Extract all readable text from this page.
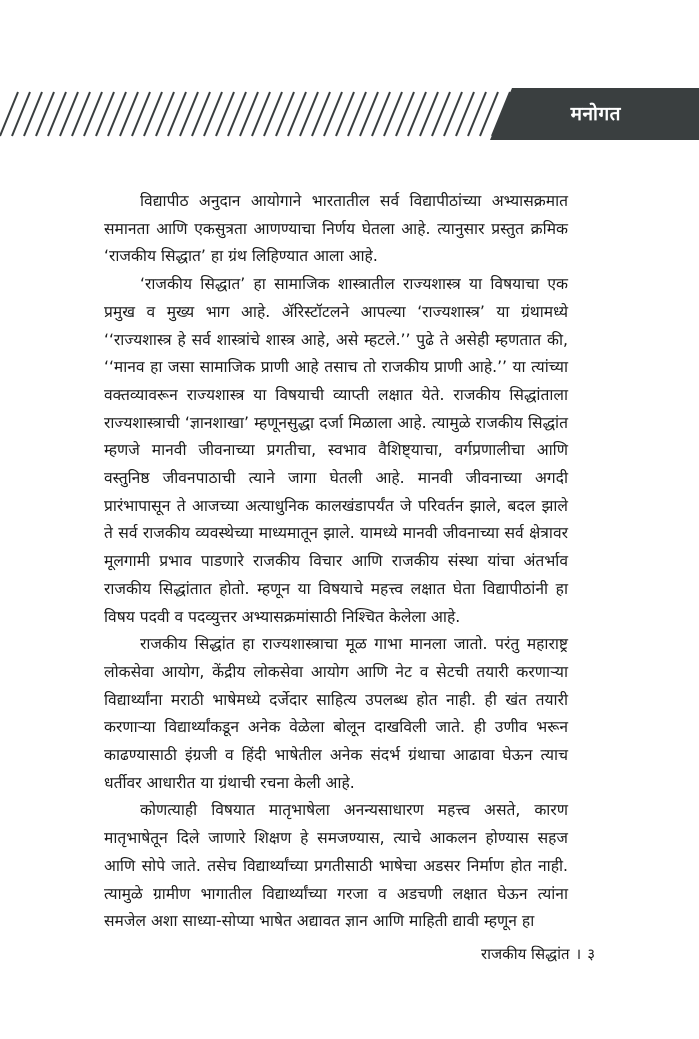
मनोगत

विद्यापीठ अनुदान आयोगाने भारतातील सर्व विद्यापीठांच्या अभ्यासक्रमात समानता आणि एकसुत्रता आणण्याचा निर्णय घेतला आहे. त्यानुसार प्रस्तुत क्रमिक ‘राजकीय सिद्धात’ हा ग्रंथ लिहिण्यात आला आहे.

‘राजकीय सिद्धात’ हा सामाजिक शास्त्रातील राज्यशास्त्र या विषयाचा एक प्रमुख व मुख्य भाग आहे. ॲरिस्टॉटलने आपल्या ‘राज्यशास्त्र’ या ग्रंथामध्ये ‘‘राज्यशास्त्र हे सर्व शास्त्रांचे शास्त्र आहे, असे म्हटले.’’ पुढे ते असेही म्हणतात की, ‘‘मानव हा जसा सामाजिक प्राणी आहे तसाच तो राजकीय प्राणी आहे.’’ या त्यांच्या वक्तव्यावरून राज्यशास्त्र या विषयाची व्याप्ती लक्षात येते. राजकीय सिद्धांताला राज्यशास्त्राची ‘ज्ञानशाखा’ म्हणूनसुद्धा दर्जा मिळाला आहे. त्यामुळे राजकीय सिद्धांत म्हणजे मानवी जीवनाच्या प्रगतीचा, स्वभाव वैशिष्ट्याचा, वर्गप्रणालीचा आणि वस्तुनिष्ठ जीवनपाठाची त्याने जागा घेतली आहे. मानवी जीवनाच्या अगदी प्रारंभापासून ते आजच्या अत्याधुनिक कालखंडापर्यंत जे परिवर्तन झाले, बदल झाले ते सर्व राजकीय व्यवस्थेच्या माध्यमातून झाले. यामध्ये मानवी जीवनाच्या सर्व क्षेत्रावर मूलगामी प्रभाव पाडणारे राजकीय विचार आणि राजकीय संस्था यांचा अंतर्भाव राजकीय सिद्धांतात होतो. म्हणून या विषयाचे महत्त्व लक्षात घेता विद्यापीठांनी हा विषय पदवी व पदव्युत्तर अभ्यासक्रमांसाठी निश्चित केलेला आहे.

राजकीय सिद्धांत हा राज्यशास्त्राचा मूळ गाभा मानला जातो. परंतु महाराष्ट्र लोकसेवा आयोग, केंद्रीय लोकसेवा आयोग आणि नेट व सेटची तयारी करणाऱ्या विद्यार्थ्यांना मराठी भाषेमध्ये दर्जेदार साहित्य उपलब्ध होत नाही. ही खंत तयारी करणाऱ्या विद्यार्थ्यांकडून अनेक वेळेला बोलून दाखविली जाते. ही उणीव भरून काढण्यासाठी इंग्रजी व हिंदी भाषेतील अनेक संदर्भ ग्रंथाचा आढावा घेऊन त्याच धर्तीवर आधारीत या ग्रंथाची रचना केली आहे.

कोणत्याही विषयात मातृभाषेला अनन्यसाधारण महत्त्व असते, कारण मातृभाषेतून दिले जाणारे शिक्षण हे समजण्यास, त्याचे आकलन होण्यास सहज आणि सोपे जाते. तसेच विद्यार्थ्यांच्या प्रगतीसाठी भाषेचा अडसर निर्माण होत नाही. त्यामुळे ग्रामीण भागातील विद्यार्थ्यांच्या गरजा व अडचणी लक्षात घेऊन त्यांना समजेल अशा साध्या-सोप्या भाषेत अद्यावत ज्ञान आणि माहिती द्यावी म्हणून हा

राजकीय सिद्धांत । ३
